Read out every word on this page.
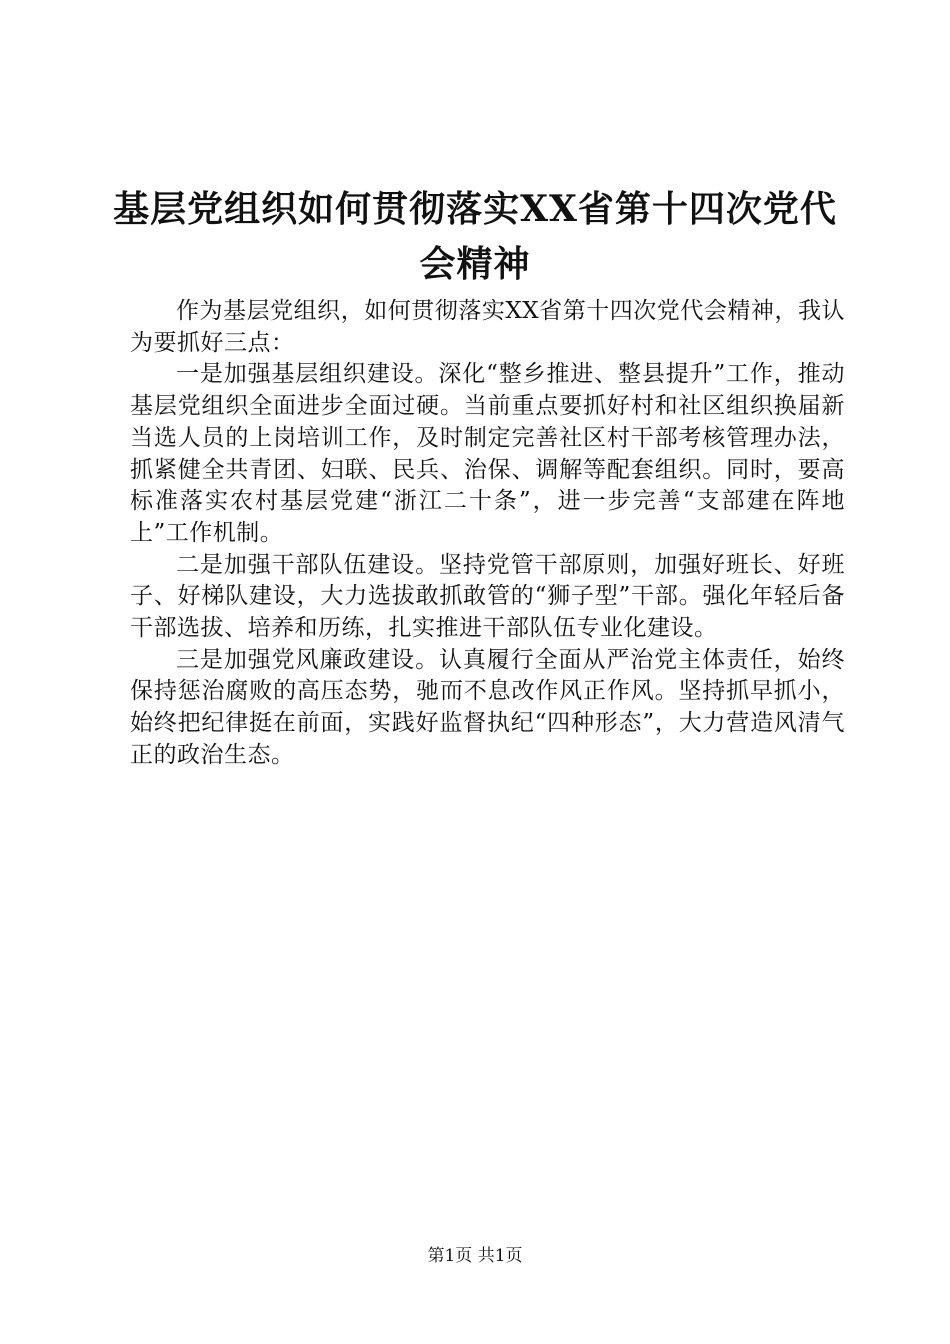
基层党组织如何贯彻落实XX省第十四次党代
会精神

作为基层党组织，如何贯彻落实XX省第十四次党代会精神，我认为要抓好三点：

一是加强基层组织建设。深化“整乡推进、整县提升”工作，推动基层党组织全面进步全面过硬。当前重点要抓好村和社区组织换届新当选人员的上岗培训工作，及时制定完善社区村干部考核管理办法，抓紧健全共青团、妇联、民兵、治保、调解等配套组织。同时，要高标准落实农村基层党建“浙江二十条”，进一步完善“支部建在阵地上”工作机制。

二是加强干部队伍建设。坚持党管干部原则，加强好班长、好班子、好梯队建设，大力选拔敢抓敢管的“狮子型”干部。强化年轻后备干部选拔、培养和历练，扎实推进干部队伍专业化建设。

三是加强党风廉政建设。认真履行全面从严治党主体责任，始终保持惩治腐败的高压态势，驰而不息改作风正作风。坚持抓早抓小，始终把纪律挺在前面，实践好监督执纪“四种形态”，大力营造风清气正的政治生态。

第1页 共1页
